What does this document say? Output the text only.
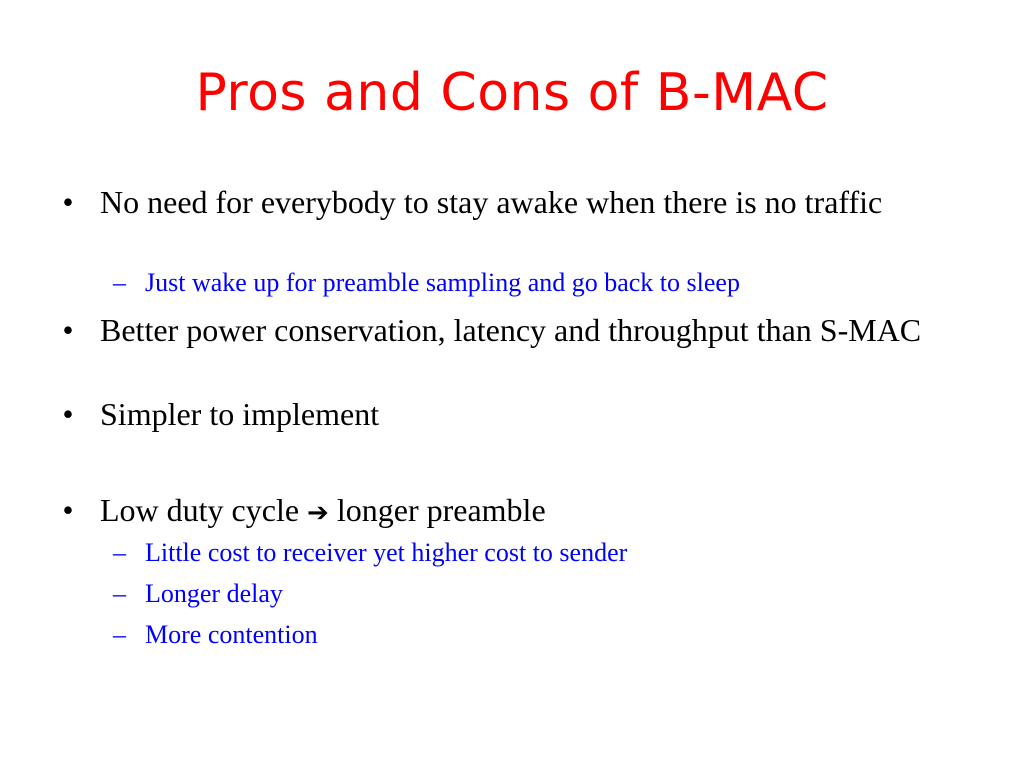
Pros and Cons of B-MAC
• No need for everybody to stay awake when there is no traffic
– Just wake up for preamble sampling and go back to sleep
• Better power conservation, latency and throughput than S-MAC
• Simpler to implement
• Low duty cycle ➔ longer preamble
– Little cost to receiver yet higher cost to sender
– Longer delay
– More contention
